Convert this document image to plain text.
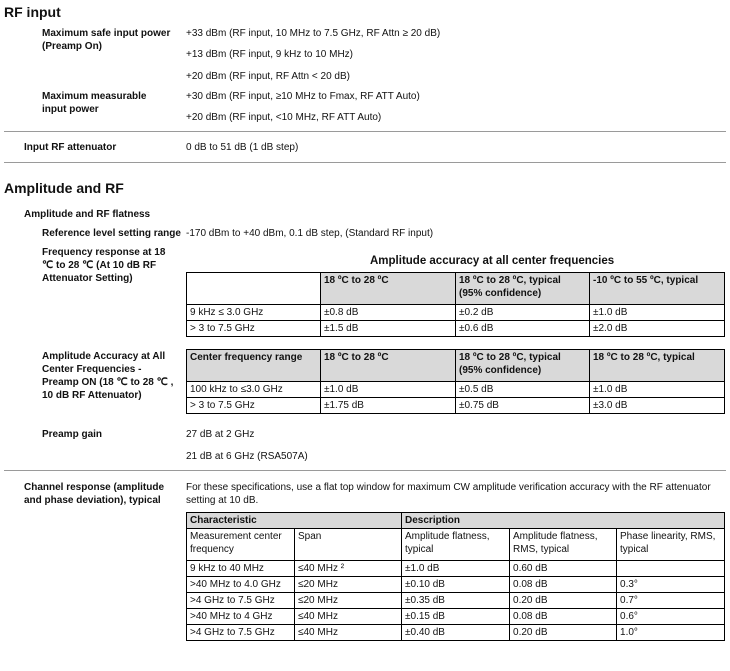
RF input
Maximum safe input power (Preamp On)
+33 dBm (RF input, 10 MHz to 7.5 GHz, RF Attn ≥ 20 dB)
+13 dBm (RF input, 9 kHz to 10 MHz)
+20 dBm (RF input, RF Attn < 20 dB)
Maximum measurable input power
+30 dBm (RF input, ≥10 MHz to Fmax, RF ATT Auto)
+20 dBm (RF input, <10 MHz, RF ATT Auto)
Input RF attenuator	0 dB to 51 dB (1 dB step)
Amplitude and RF
Amplitude and RF flatness
Reference level setting range -170 dBm to +40 dBm, 0.1 dB step, (Standard RF input)
Frequency response at 18 ℃ to 28 ℃ (At 10 dB RF Attenuator Setting)
Amplitude accuracy at all center frequencies
	18 ºC to 28 ºC	18 ºC to 28 ºC, typical (95% confidence)	-10 ºC to 55 ºC, typical
9 kHz ≤ 3.0 GHz	±0.8 dB	±0.2 dB	±1.0 dB
> 3 to 7.5 GHz	±1.5 dB	±0.6 dB	±2.0 dB
Amplitude Accuracy at All Center Frequencies - Preamp ON (18 ℃ to 28 ℃ , 10 dB RF Attenuator)
Center frequency range	18 ºC to 28 ºC	18 ºC to 28 ºC, typical (95% confidence)	18 ºC to 28 ºC, typical
100 kHz to ≤3.0 GHz	±1.0 dB	±0.5 dB	±1.0 dB
> 3 to 7.5 GHz	±1.75 dB	±0.75 dB	±3.0 dB
Preamp gain	27 dB at 2 GHz
21 dB at 6 GHz (RSA507A)
Channel response (amplitude and phase deviation), typical
For these specifications, use a flat top window for maximum CW amplitude verification accuracy with the RF attenuator setting at 10 dB.
Characteristic		Description		
Measurement center frequency	Span	Amplitude flatness, typical	Amplitude flatness, RMS, typical	Phase linearity, RMS, typical
9 kHz to 40 MHz	≤40 MHz ²	±1.0 dB	0.60 dB	
>40 MHz to 4.0 GHz	≤20 MHz	±0.10 dB	0.08 dB	0.3°
>4 GHz to 7.5 GHz	≤20 MHz	±0.35 dB	0.20 dB	0.7°
>40 MHz to 4 GHz	≤40 MHz	±0.15 dB	0.08 dB	0.6°
>4 GHz to 7.5 GHz	≤40 MHz	±0.40 dB	0.20 dB	1.0°
